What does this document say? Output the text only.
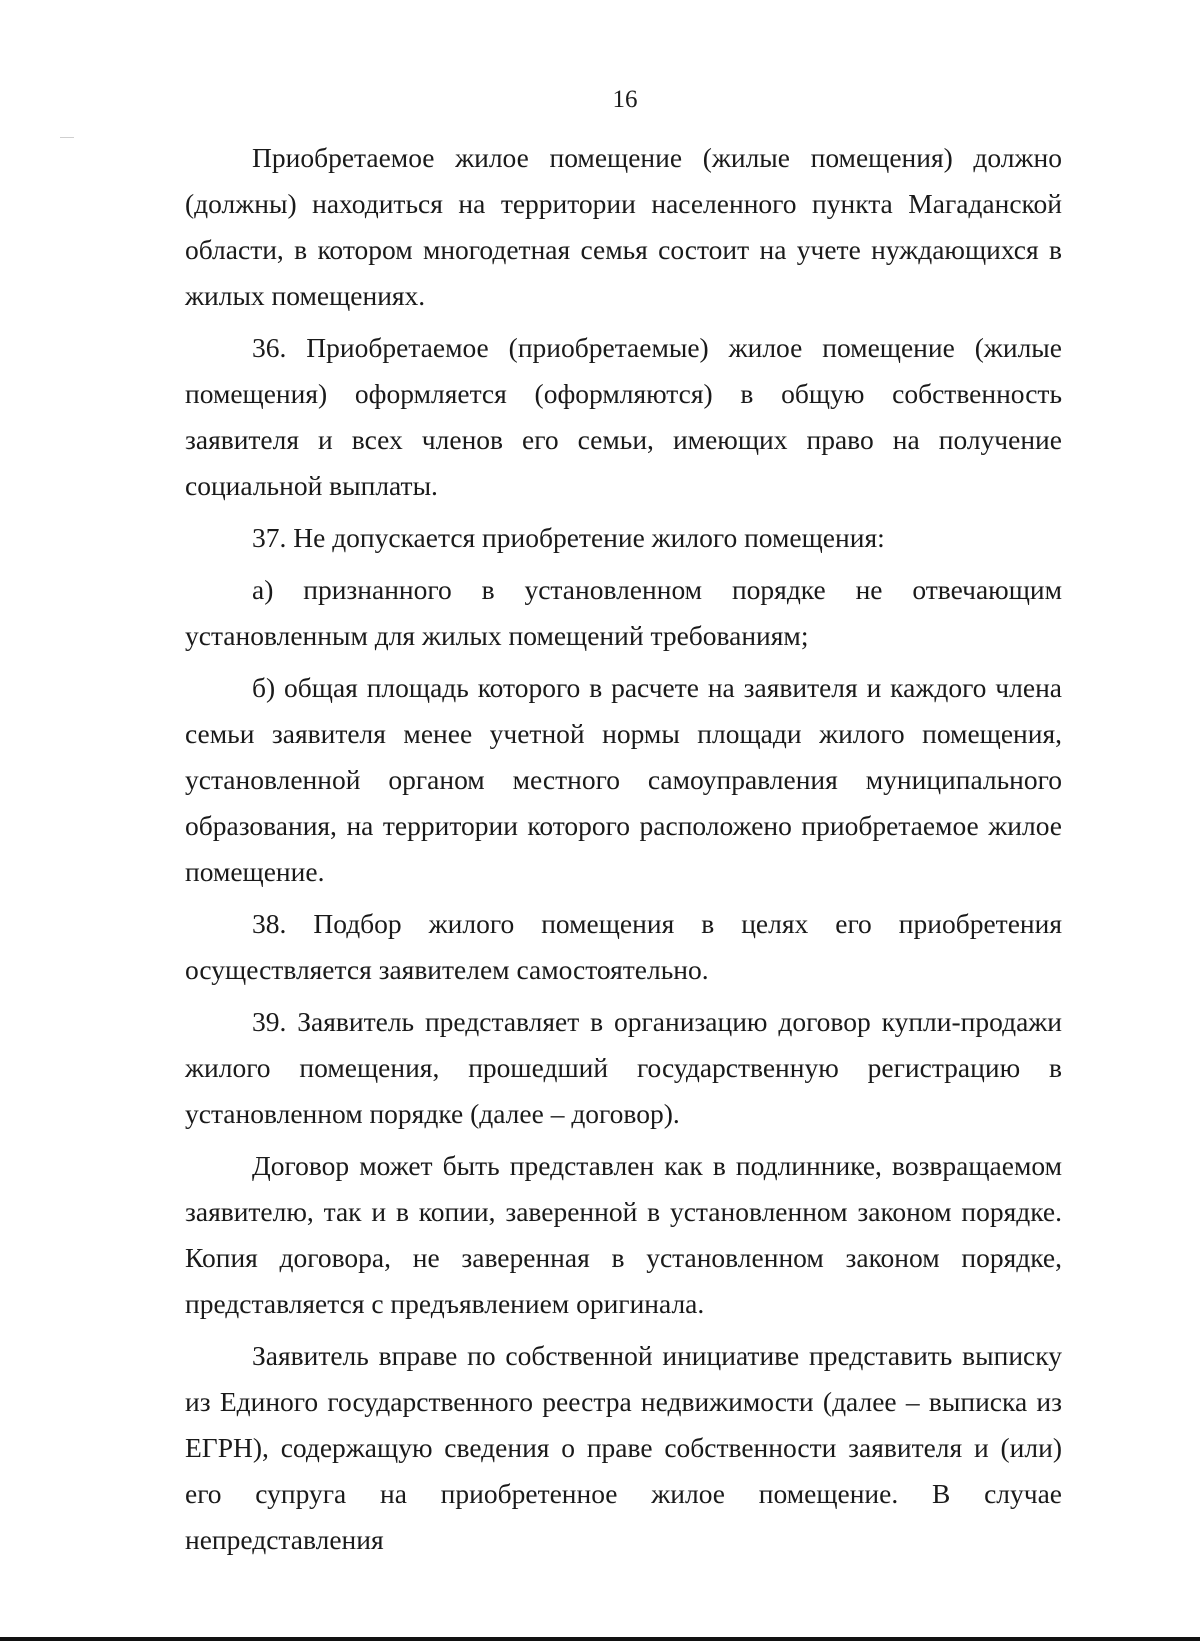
16

Приобретаемое жилое помещение (жилые помещения) должно (должны) находиться на территории населенного пункта Магаданской области, в котором многодетная семья состоит на учете нуждающихся в жилых помещениях.

36. Приобретаемое (приобретаемые) жилое помещение (жилые помещения) оформляется (оформляются) в общую собственность заявителя и всех членов его семьи, имеющих право на получение социальной выплаты.

37. Не допускается приобретение жилого помещения:

а) признанного в установленном порядке не отвечающим установленным для жилых помещений требованиям;

б) общая площадь которого в расчете на заявителя и каждого члена семьи заявителя менее учетной нормы площади жилого помещения, установленной органом местного самоуправления муниципального образования, на территории которого расположено приобретаемое жилое помещение.

38. Подбор жилого помещения в целях его приобретения осуществляется заявителем самостоятельно.

39. Заявитель представляет в организацию договор купли-продажи жилого помещения, прошедший государственную регистрацию в установленном порядке (далее – договор).

Договор может быть представлен как в подлиннике, возвращаемом заявителю, так и в копии, заверенной в установленном законом порядке. Копия договора, не заверенная в установленном законом порядке, представляется с предъявлением оригинала.

Заявитель вправе по собственной инициативе представить выписку из Единого государственного реестра недвижимости (далее – выписка из ЕГРН), содержащую сведения о праве собственности заявителя и (или) его супруга на приобретенное жилое помещение. В случае непредставления
